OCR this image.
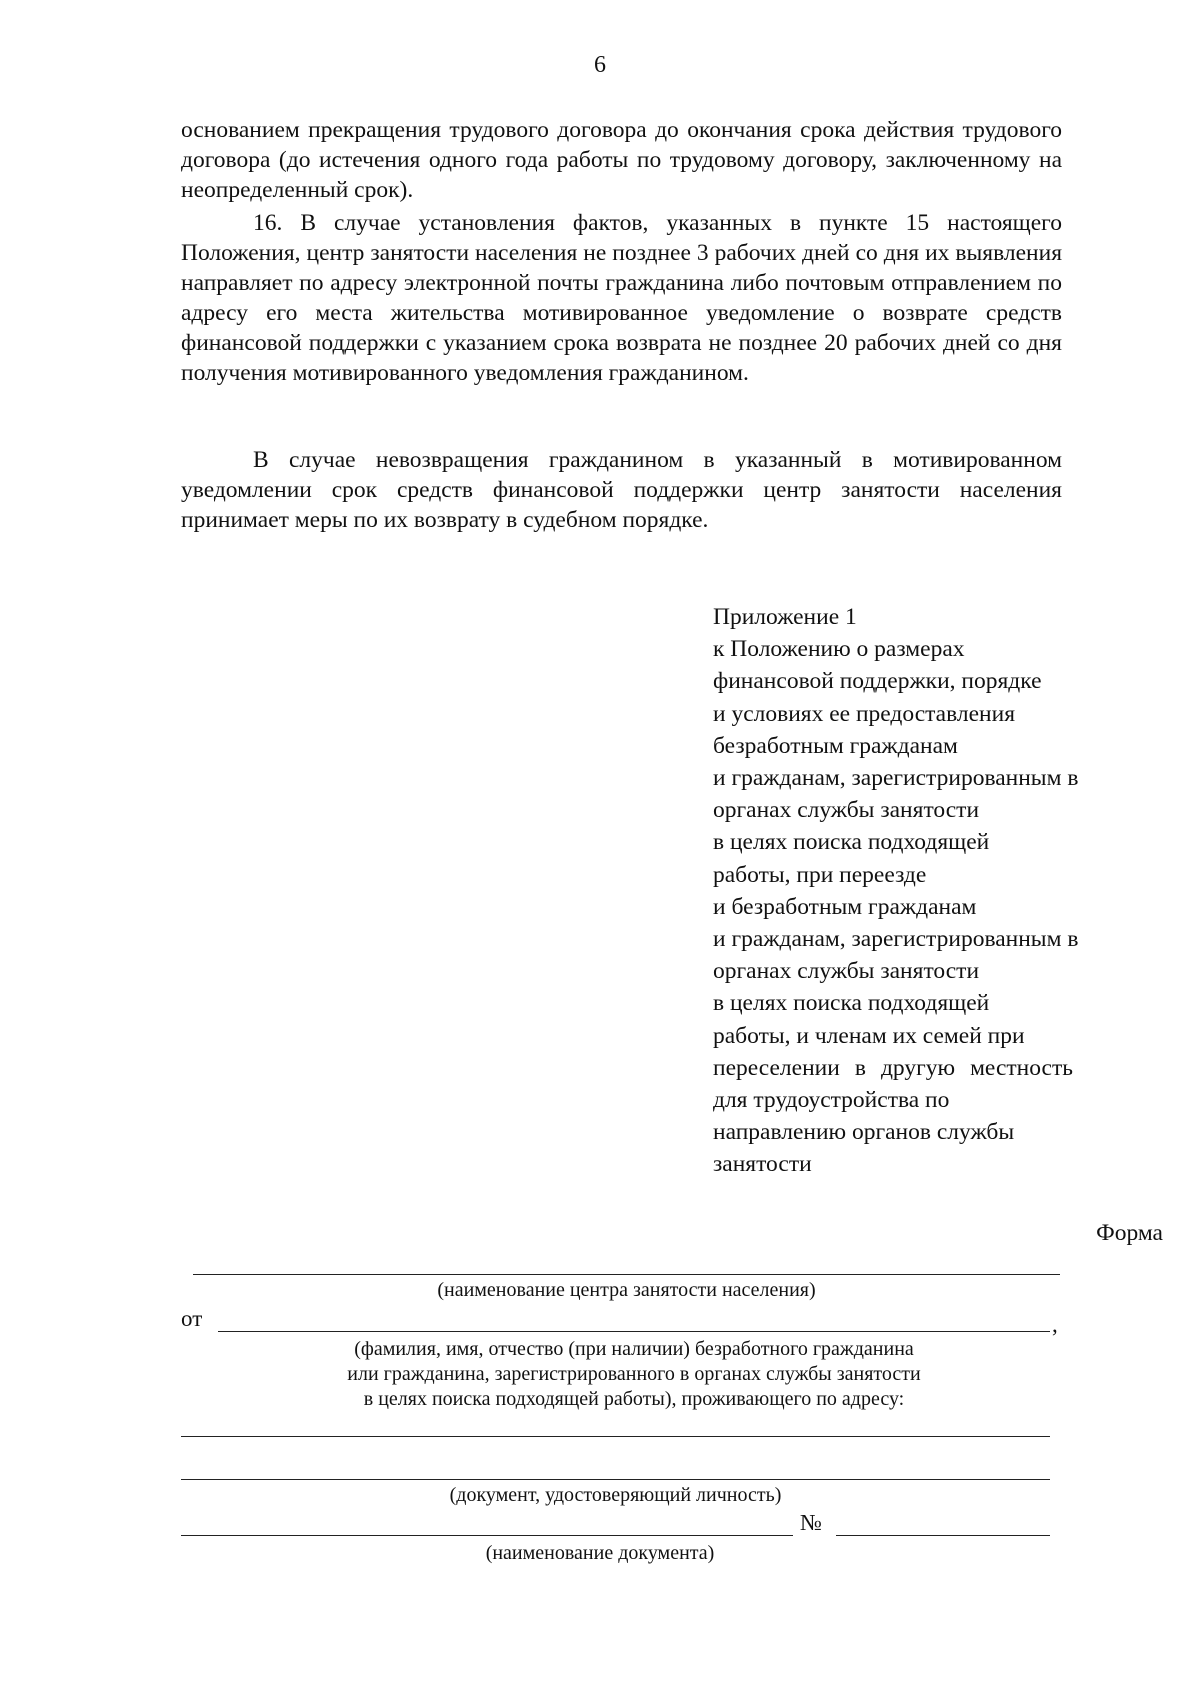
6
основанием прекращения трудового договора до окончания срока действия трудового договора (до истечения одного года работы по трудовому договору, заключенному на неопределенный срок).
16. В случае установления фактов, указанных в пункте 15 настоящего Положения, центр занятости населения не позднее 3 рабочих дней со дня их выявления направляет по адресу электронной почты гражданина либо почтовым отправлением по адресу его места жительства мотивированное уведомление о возврате средств финансовой поддержки с указанием срока возврата не позднее 20 рабочих дней со дня получения мотивированного уведомления гражданином.
В случае невозвращения гражданином в указанный в мотивированном уведомлении срок средств финансовой поддержки центр занятости населения принимает меры по их возврату в судебном порядке.
Приложение 1
к Положению о размерах
финансовой поддержки, порядке
и условиях ее предоставления
безработным гражданам
и гражданам, зарегистрированным в
органах службы занятости
в целях поиска подходящей
работы, при переезде
и безработным гражданам
и гражданам, зарегистрированным в
органах службы занятости
в целях поиска подходящей
работы, и членам их семей при
переселении в другую местность
для трудоустройства по
направлению органов службы
занятости
Форма
(наименование центра занятости населения)
от	,
(фамилия, имя, отчество (при наличии) безработного гражданина
или гражданина, зарегистрированного в органах службы занятости
в целях поиска подходящей работы), проживающего по адресу:
(документ, удостоверяющий личность)
№
(наименование документа)
